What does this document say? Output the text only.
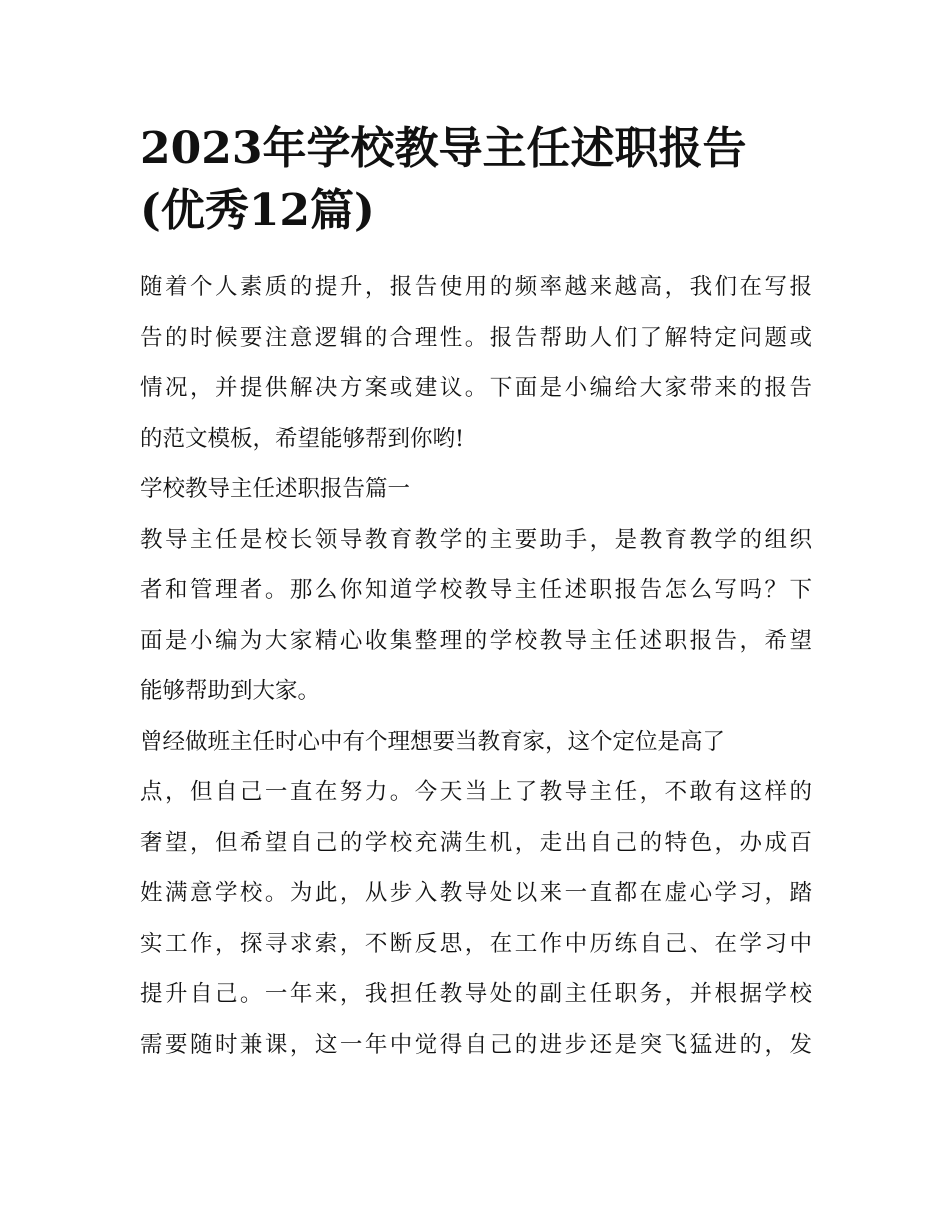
2023年学校教导主任述职报告
(优秀12篇)

随着个人素质的提升，报告使用的频率越来越高，我们在写报
告的时候要注意逻辑的合理性。报告帮助人们了解特定问题或
情况，并提供解决方案或建议。下面是小编给大家带来的报告
的范文模板，希望能够帮到你哟!

学校教导主任述职报告篇一

教导主任是校长领导教育教学的主要助手，是教育教学的组织
者和管理者。那么你知道学校教导主任述职报告怎么写吗？下
面是小编为大家精心收集整理的学校教导主任述职报告，希望
能够帮助到大家。

曾经做班主任时心中有个理想要当教育家，这个定位是高了
点，但自己一直在努力。今天当上了教导主任，不敢有这样的
奢望，但希望自己的学校充满生机，走出自己的特色，办成百
姓满意学校。为此，从步入教导处以来一直都在虚心学习，踏
实工作，探寻求索，不断反思，在工作中历练自己、在学习中
提升自己。一年来，我担任教导处的副主任职务，并根据学校
需要随时兼课，这一年中觉得自己的进步还是突飞猛进的，发
